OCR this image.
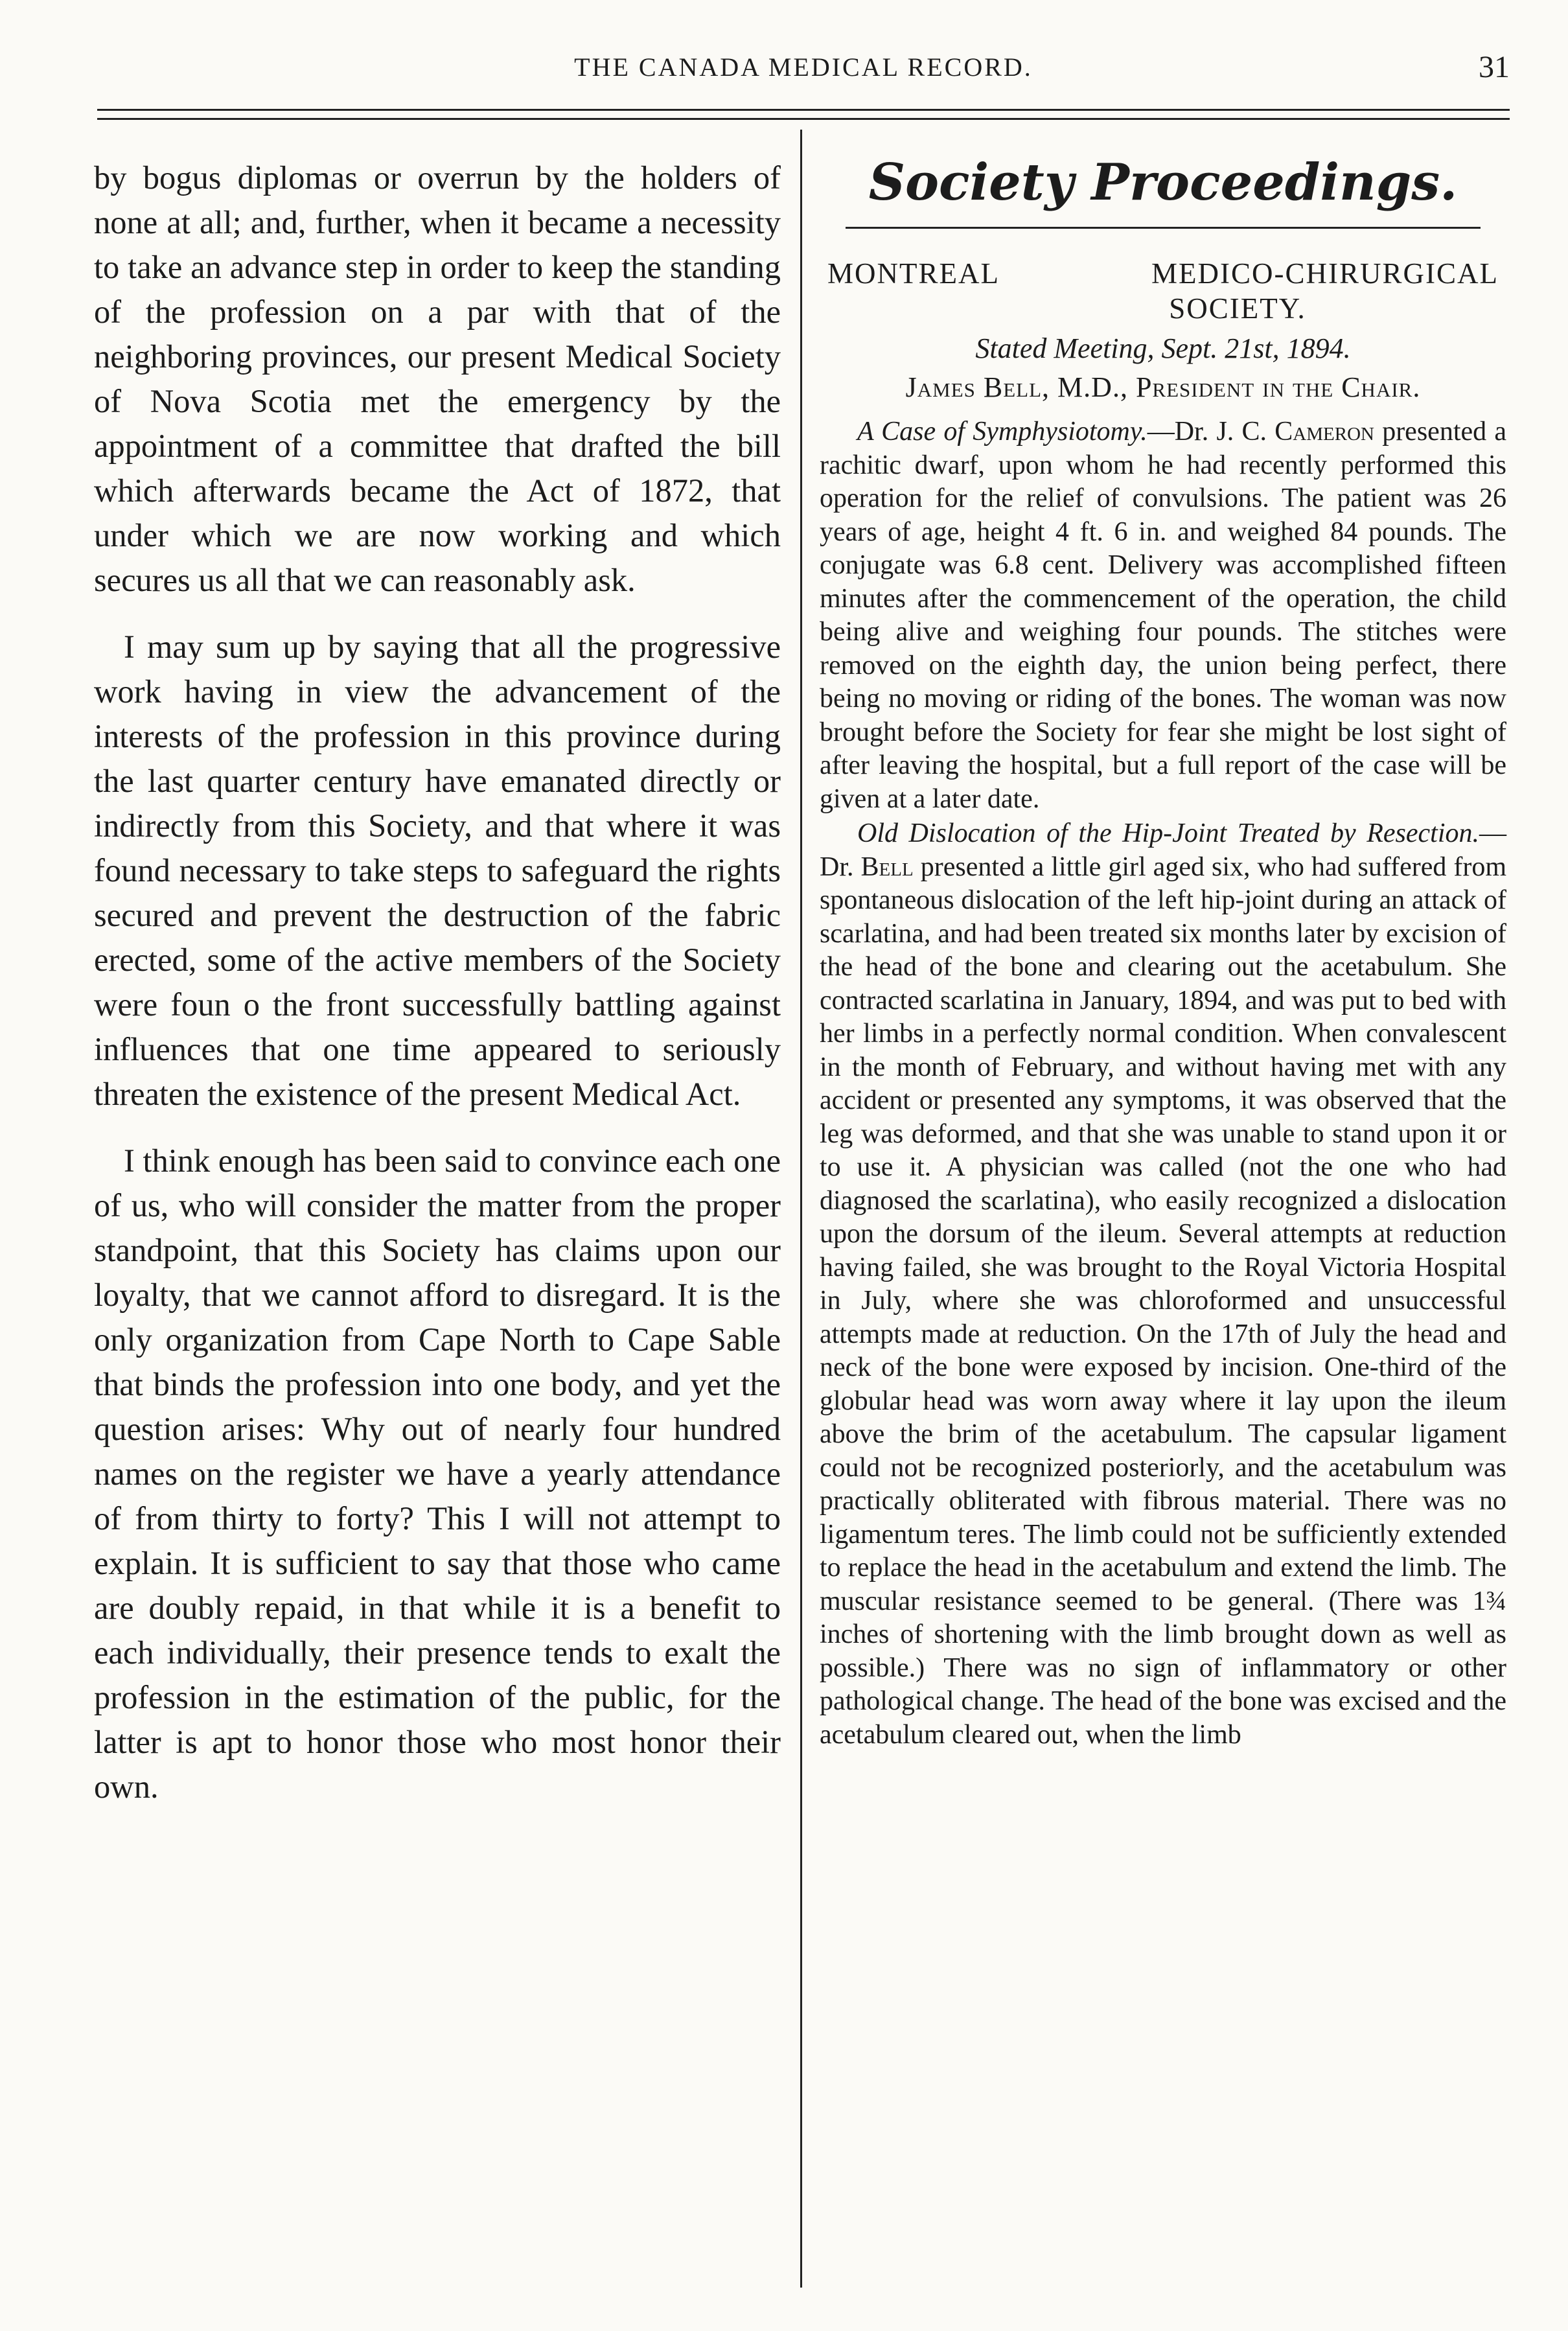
THE CANADA MEDICAL RECORD.	31

by bogus diplomas or overrun by the holders of none at all; and, further, when it became a necessity to take an advance step in order to keep the standing of the profession on a par with that of the neighboring provinces, our present Medical Society of Nova Scotia met the emergency by the appointment of a committee that drafted the bill which afterwards became the Act of 1872, that under which we are now working and which secures us all that we can reasonably ask.

I may sum up by saying that all the progressive work having in view the advancement of the interests of the profession in this province during the last quarter century have emanated directly or indirectly from this Society, and that where it was found necessary to take steps to safeguard the rights secured and prevent the destruction of the fabric erected, some of the active members of the Society were foun o the front successfully battling against influences that one time appeared to seriously threaten the existence of the present Medical Act.

I think enough has been said to convince each one of us, who will consider the matter from the proper standpoint, that this Society has claims upon our loyalty, that we cannot afford to disregard. It is the only organization from Cape North to Cape Sable that binds the profession into one body, and yet the question arises: Why out of nearly four hundred names on the register we have a yearly attendance of from thirty to forty? This I will not attempt to explain. It is sufficient to say that those who came are doubly repaid, in that while it is a benefit to each individually, their presence tends to exalt the profession in the estimation of the public, for the latter is apt to honor those who most honor their own.

Society Proceedings.
MONTREAL MEDICO-CHIRURGICAL
SOCIETY.

Stated Meeting, Sept. 21st, 1894.

James Bell, M.D., President in the Chair.

A Case of Symphysiotomy.—Dr. J. C. Cameron presented a rachitic dwarf, upon whom he had recently performed this operation for the relief of convulsions. The patient was 26 years of age, height 4 ft. 6 in. and weighed 84 pounds. The conjugate was 6.8 cent. Delivery was accomplished fifteen minutes after the commencement of the operation, the child being alive and weighing four pounds. The stitches were removed on the eighth day, the union being perfect, there being no moving or riding of the bones. The woman was now brought before the Society for fear she might be lost sight of after leaving the hospital, but a full report of the case will be given at a later date.

Old Dislocation of the Hip-Joint Treated by Resection.—Dr. Bell presented a little girl aged six, who had suffered from spontaneous dislocation of the left hip-joint during an attack of scarlatina, and had been treated six months later by excision of the head of the bone and clearing out the acetabulum. She contracted scarlatina in January, 1894, and was put to bed with her limbs in a perfectly normal condition. When convalescent in the month of February, and without having met with any accident or presented any symptoms, it was observed that the leg was deformed, and that she was unable to stand upon it or to use it. A physician was called (not the one who had diagnosed the scarlatina), who easily recognized a dislocation upon the dorsum of the ileum. Several attempts at reduction having failed, she was brought to the Royal Victoria Hospital in July, where she was chloroformed and unsuccessful attempts made at reduction. On the 17th of July the head and neck of the bone were exposed by incision. One-third of the globular head was worn away where it lay upon the ileum above the brim of the acetabulum. The capsular ligament could not be recognized posteriorly, and the acetabulum was practically obliterated with fibrous material. There was no ligamentum teres. The limb could not be sufficiently extended to replace the head in the acetabulum and extend the limb. The muscular resistance seemed to be general. (There was 1¾ inches of shortening with the limb brought down as well as possible.) There was no sign of inflammatory or other pathological change. The head of the bone was excised and the acetabulum cleared out, when the limb
